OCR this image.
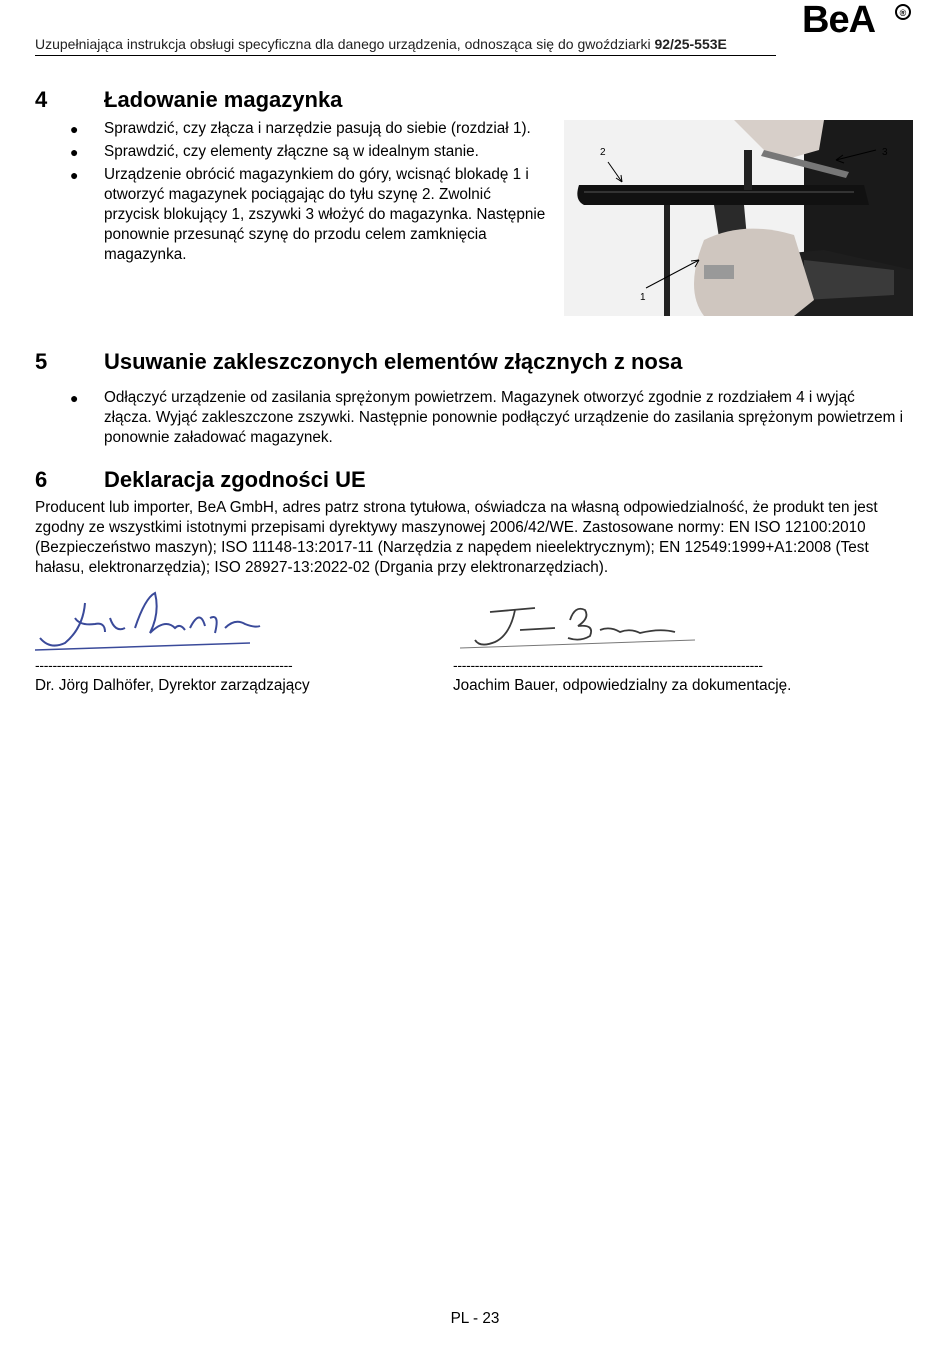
Uzupełniająca instrukcja obsługi specyficzna dla danego urządzenia, odnosząca się do gwoździarki 92/25-553E
BeA	®
4	Ładowanie magazynka
● Sprawdzić, czy złącza i narzędzie pasują do siebie (rozdział 1).
● Sprawdzić, czy elementy złączne są w idealnym stanie.
● Urządzenie obrócić magazynkiem do góry, wcisnąć blokadę 1 i otworzyć magazynek pociągając do tyłu szynę 2. Zwolnić przycisk blokujący 1, zszywki 3 włożyć do magazynka. Następnie ponownie przesunąć szynę do przodu celem zamknięcia magazynka.
2	3
1
5	Usuwanie zakleszczonych elementów złącznych z nosa
● Odłączyć urządzenie od zasilania sprężonym powietrzem. Magazynek otworzyć zgodnie z rozdziałem 4 i wyjąć złącza. Wyjąć zakleszczone zszywki. Następnie ponownie podłączyć urządzenie do zasilania sprężonym powietrzem i ponownie załadować magazynek.
6	Deklaracja zgodności UE
Producent lub importer, BeA GmbH, adres patrz strona tytułowa, oświadcza na własną odpowiedzialność, że produkt ten jest zgodny ze wszystkimi istotnymi przepisami dyrektywy maszynowej 2006/42/WE. Zastosowane normy: EN ISO 12100:2010 (Bezpieczeństwo maszyn); ISO 11148-13:2017-11 (Narzędzia z napędem nieelektrycznym); EN 12549:1999+A1:2008 (Test hałasu, elektronarzędzia); ISO 28927-13:2022-02 (Drgania przy elektronarzędziach).
-----------------------------------------------------------
Dr. Jörg Dalhöfer, Dyrektor zarządzający
-----------------------------------------------------------------------
Joachim Bauer, odpowiedzialny za dokumentację.
PL - 23
